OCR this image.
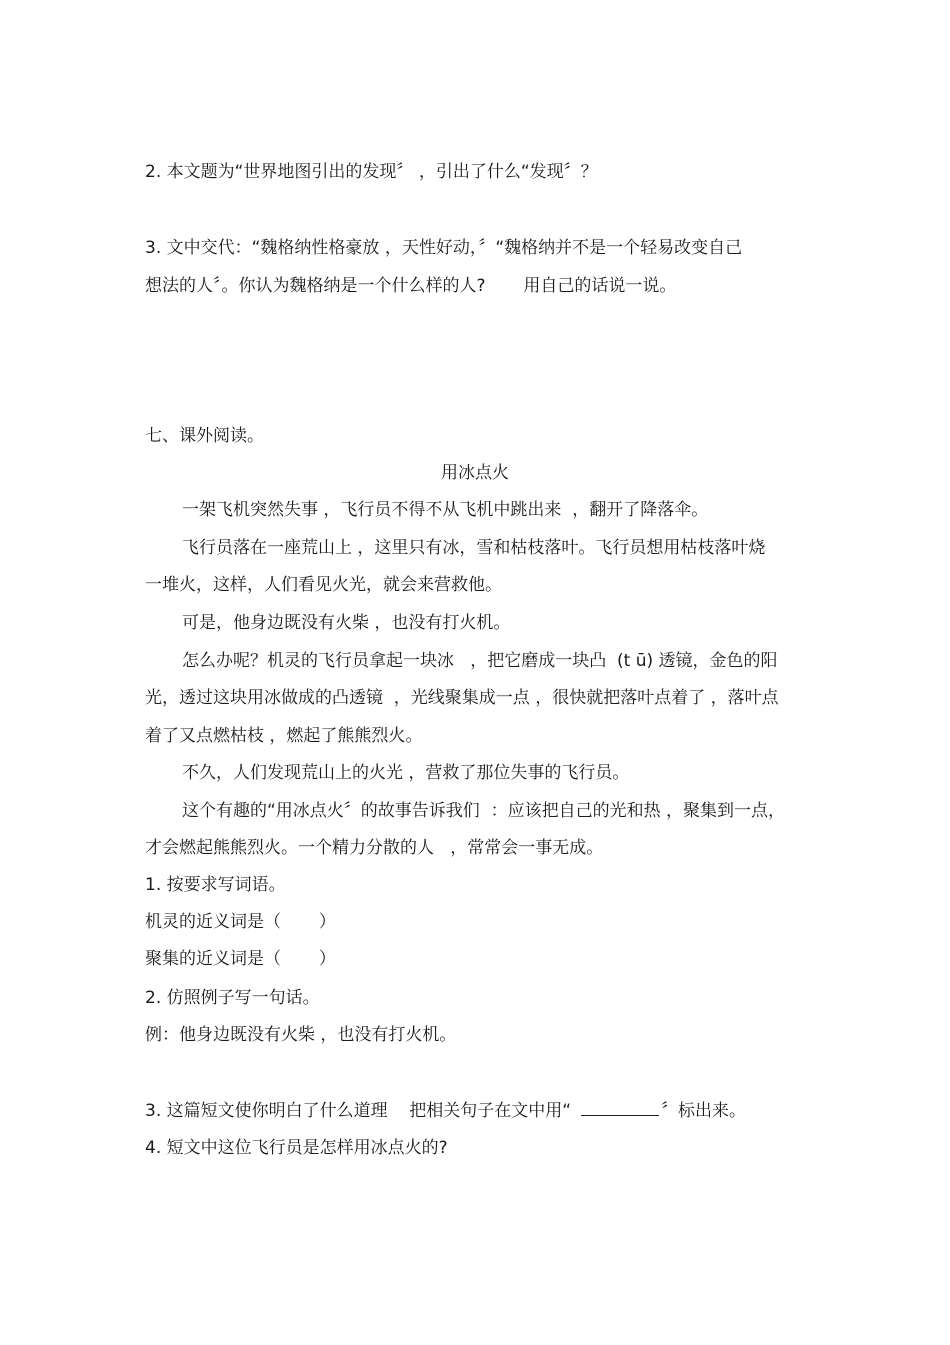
2. 本文题为“世界地图引出的发现〞 ，引出了什么“发现〞？
3. 文中交代：“魏格纳性格豪放 ，天性好动，〞“魏格纳并不是一个轻易改变自己
想法的人〞。你认为魏格纳是一个什么样的人?       用自己的话说一说。
七、课外阅读。
用冰点火
一架飞机突然失事 ，飞行员不得不从飞机中跳出来  ，翻开了降落伞。
飞行员落在一座荒山上 ，这里只有冰，雪和枯枝落叶。飞行员想用枯枝落叶烧
一堆火，这样，人们看见火光，就会来营救他。
可是，他身边既没有火柴 ，也没有打火机。
怎么办呢？机灵的飞行员拿起一块冰   ，把它磨成一块凸  (t ū) 透镜，金色的阳
光，透过这块用冰做成的凸透镜  ，光线聚集成一点 ，很快就把落叶点着了 ，落叶点
着了又点燃枯枝 ，燃起了熊熊烈火。
不久，人们发现荒山上的火光 ，营救了那位失事的飞行员。
这个有趣的“用冰点火〞的故事告诉我们  ：应该把自己的光和热 ，聚集到一点，
才会燃起熊熊烈火。一个精力分散的人   ，常常会一事无成。
1. 按要求写词语。
机灵的近义词是（       ）
聚集的近义词是（       ）
2. 仿照例子写一句话。
例：他身边既没有火柴 ，也没有打火机。
3. 这篇短文使你明白了什么道理    把相关句子在文中用“	〞标出来。
4. 短文中这位飞行员是怎样用冰点火的?
